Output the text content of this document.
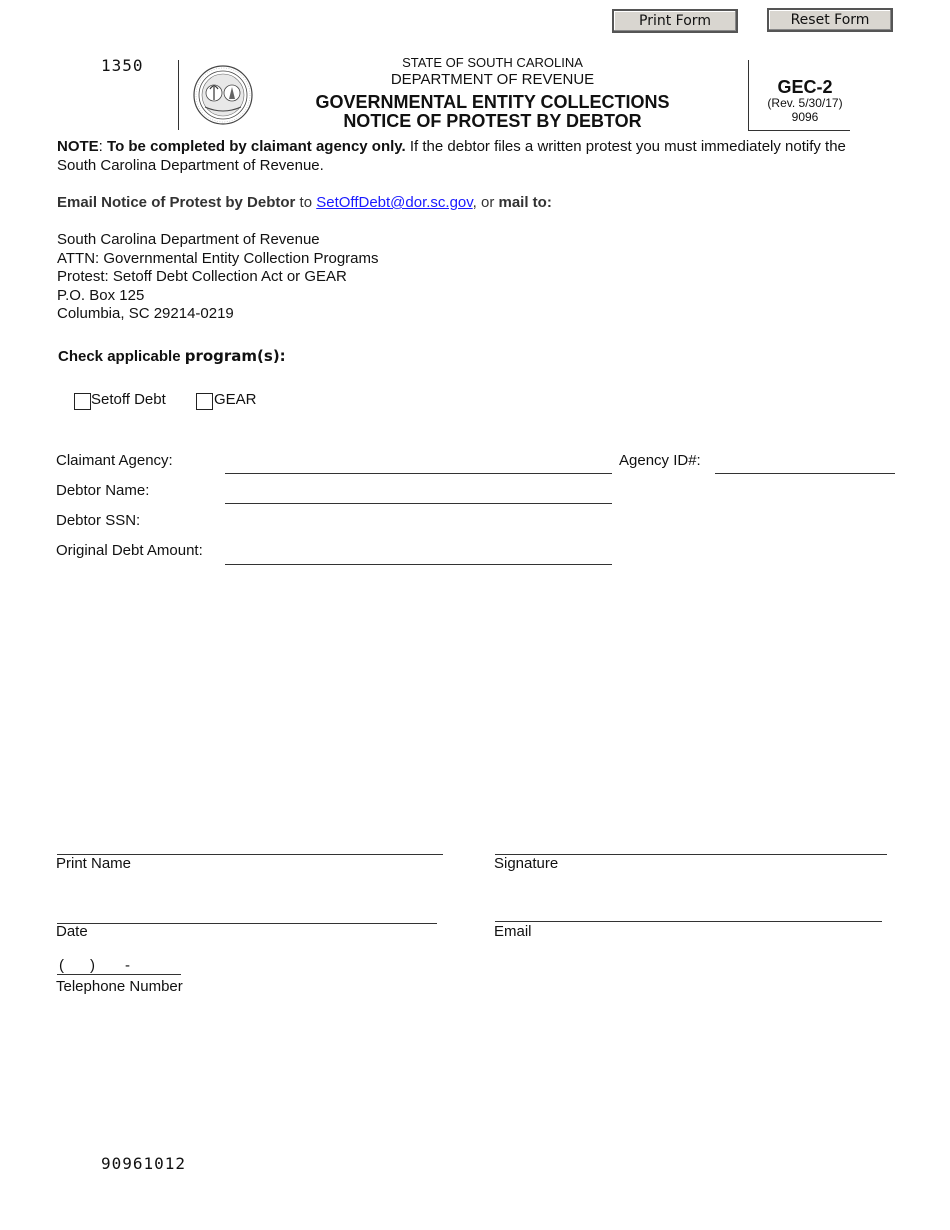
Print Form	Reset Form
1350	STATE OF SOUTH CAROLINA
DEPARTMENT OF REVENUE
GOVERNMENTAL ENTITY COLLECTIONS
NOTICE OF PROTEST BY DEBTOR
GEC-2
(Rev. 5/30/17)
9096
NOTE: To be completed by claimant agency only. If the debtor files a written protest you must immediately notify the South Carolina Department of Revenue.
Email Notice of Protest by Debtor to SetOffDebt@dor.sc.gov, or mail to:
South Carolina Department of Revenue
ATTN: Governmental Entity Collection Programs
Protest: Setoff Debt Collection Act or GEAR
P.O. Box 125
Columbia, SC 29214-0219
Check applicable program(s):
Setoff Debt	GEAR
Claimant Agency:	Agency ID#:
Debtor Name:
Debtor SSN:
Original Debt Amount:
Print Name	Signature
Date	Email
( ) -
Telephone Number
90961012
